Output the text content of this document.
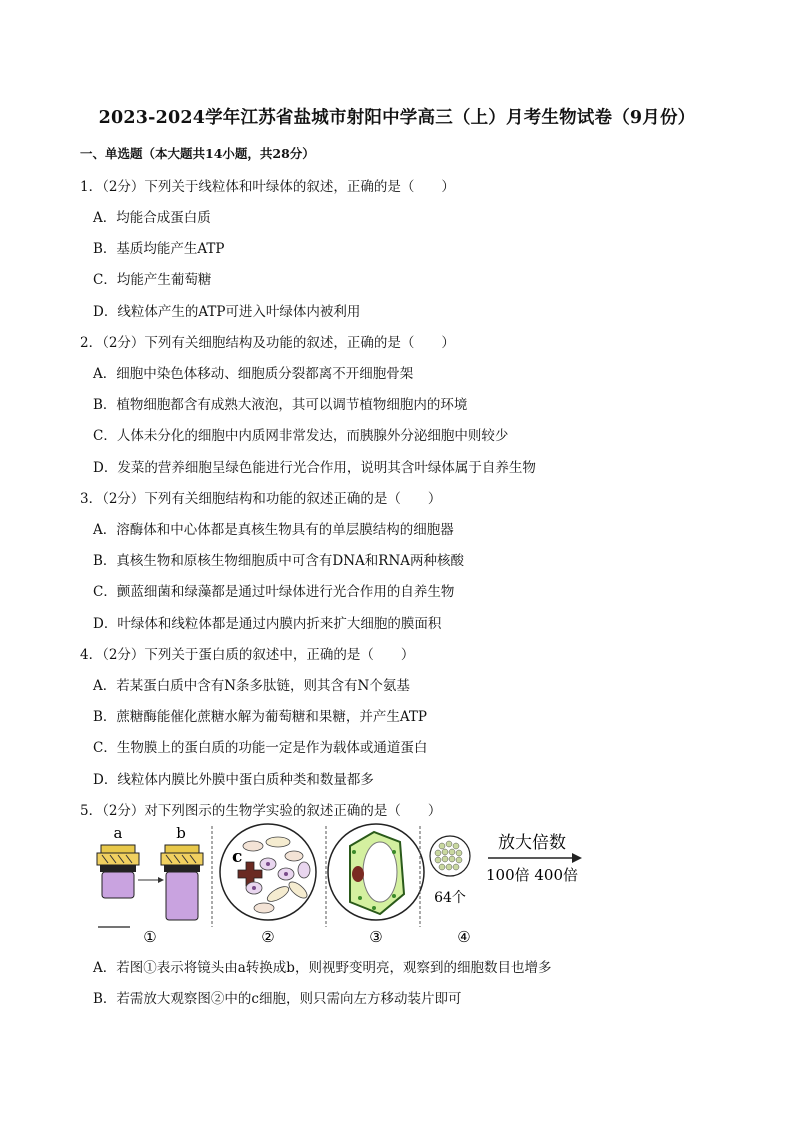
2023-2024学年江苏省盐城市射阳中学高三（上）月考生物试卷（9月份）
一、单选题（本大题共14小题，共28分）
1．（2分）下列关于线粒体和叶绿体的叙述，正确的是（　　）
A．均能合成蛋白质
B．基质均能产生ATP
C．均能产生葡萄糖
D．线粒体产生的ATP可进入叶绿体内被利用
2．（2分）下列有关细胞结构及功能的叙述，正确的是（　　）
A．细胞中染色体移动、细胞质分裂都离不开细胞骨架
B．植物细胞都含有成熟大液泡，其可以调节植物细胞内的环境
C．人体未分化的细胞中内质网非常发达，而胰腺外分泌细胞中则较少
D．发菜的营养细胞呈绿色能进行光合作用，说明其含叶绿体属于自养生物
3．（2分）下列有关细胞结构和功能的叙述正确的是（　　）
A．溶酶体和中心体都是真核生物具有的单层膜结构的细胞器
B．真核生物和原核生物细胞质中可含有DNA和RNA两种核酸
C．颤蓝细菌和绿藻都是通过叶绿体进行光合作用的自养生物
D．叶绿体和线粒体都是通过内膜内折来扩大细胞的膜面积
4．（2分）下列关于蛋白质的叙述中，正确的是（　　）
A．若某蛋白质中含有N条多肽链，则其含有N个氨基
B．蔗糖酶能催化蔗糖水解为葡萄糖和果糖，并产生ATP
C．生物膜上的蛋白质的功能一定是作为载体或通道蛋白
D．线粒体内膜比外膜中蛋白质种类和数量都多
5．（2分）对下列图示的生物学实验的叙述正确的是（　　）
a	b
①
c
②	③
64个
放大倍数
100倍 400倍
④
A．若图①表示将镜头由a转换成b，则视野变明亮，观察到的细胞数目也增多
B．若需放大观察图②中的c细胞，则只需向左方移动装片即可
